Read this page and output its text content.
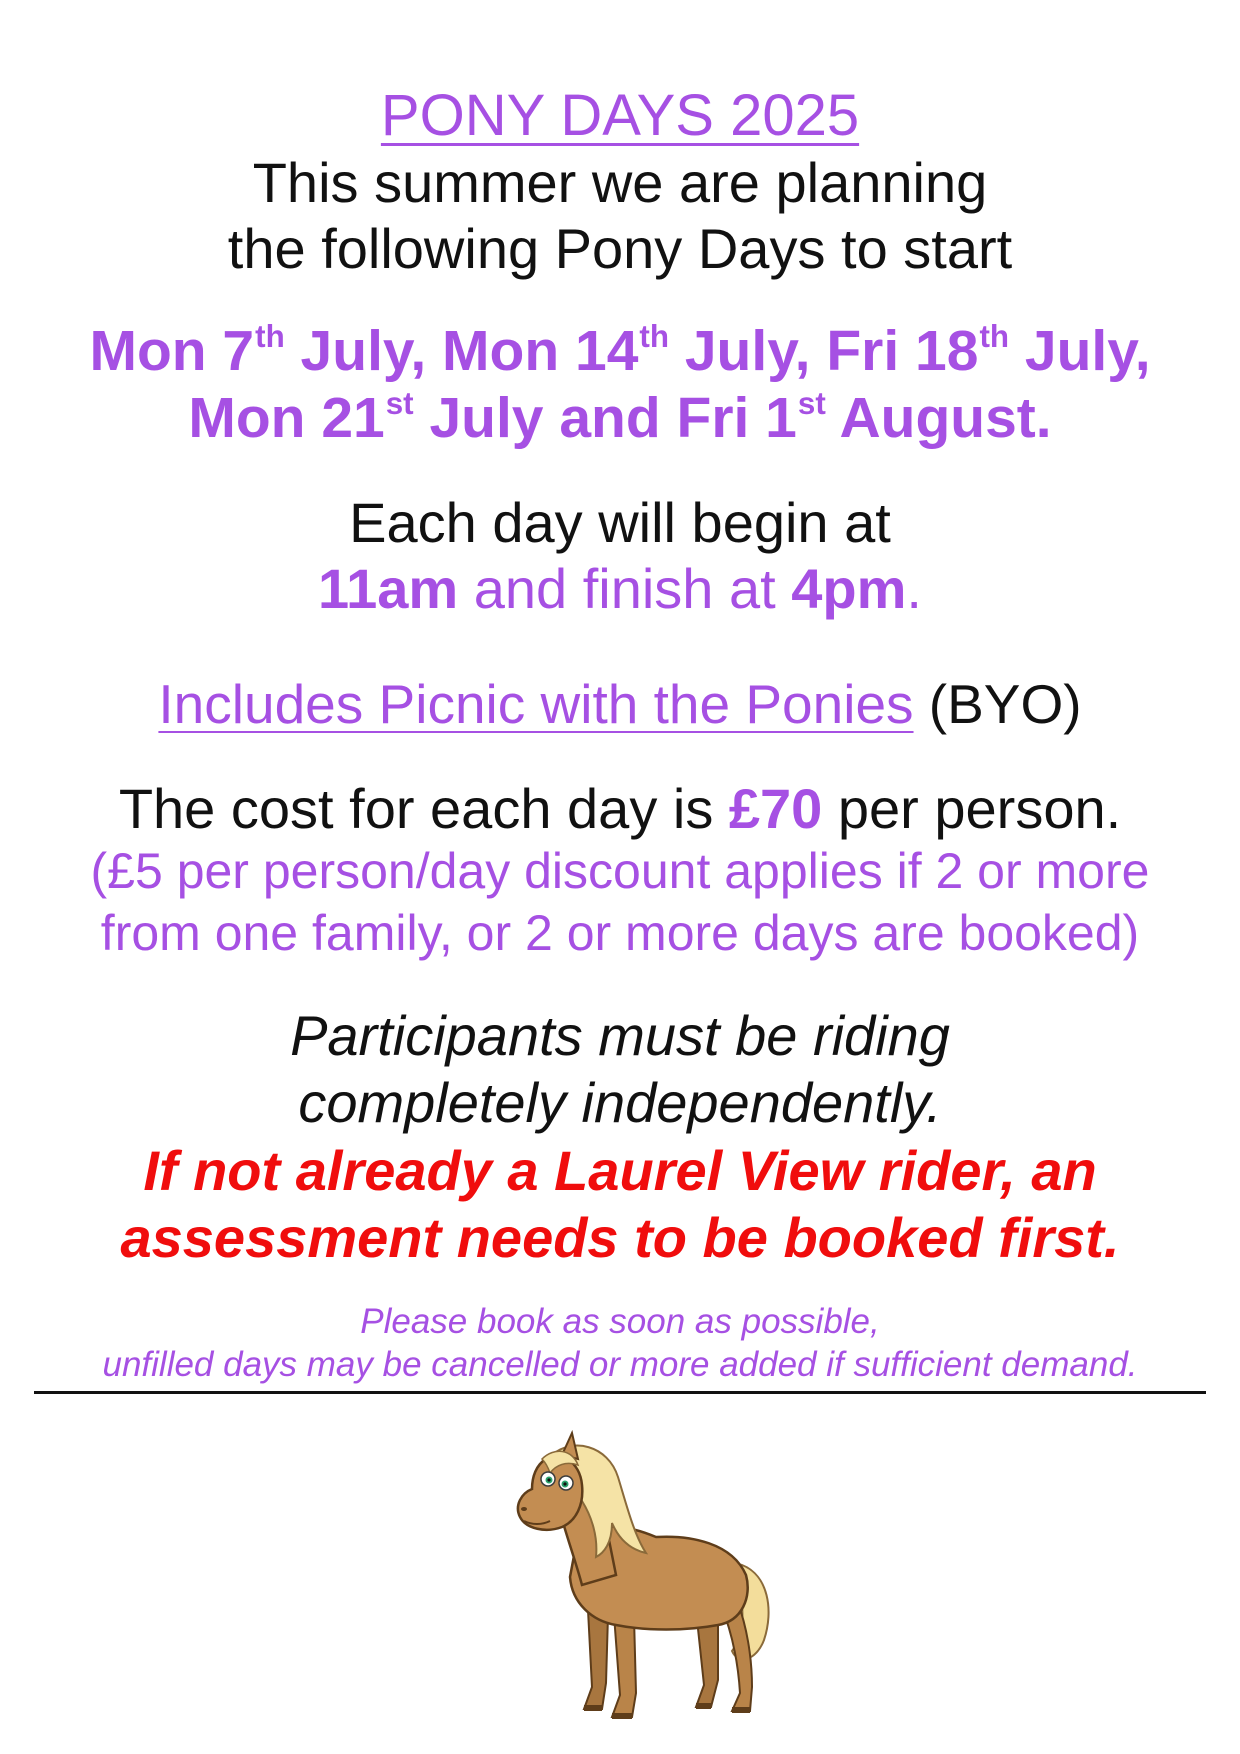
PONY DAYS 2025
This summer we are planning
the following Pony Days to start
Mon 7th July, Mon 14th July, Fri 18th July,
Mon 21st July and Fri 1st August.
Each day will begin at
11am and finish at 4pm.
Includes Picnic with the Ponies (BYO)
The cost for each day is £70 per person.
(£5 per person/day discount applies if 2 or more
from one family, or 2 or more days are booked)
Participants must be riding
completely independently.
If not already a Laurel View rider, an
assessment needs to be booked first.
Please book as soon as possible,
unfilled days may be cancelled or more added if sufficient demand.
